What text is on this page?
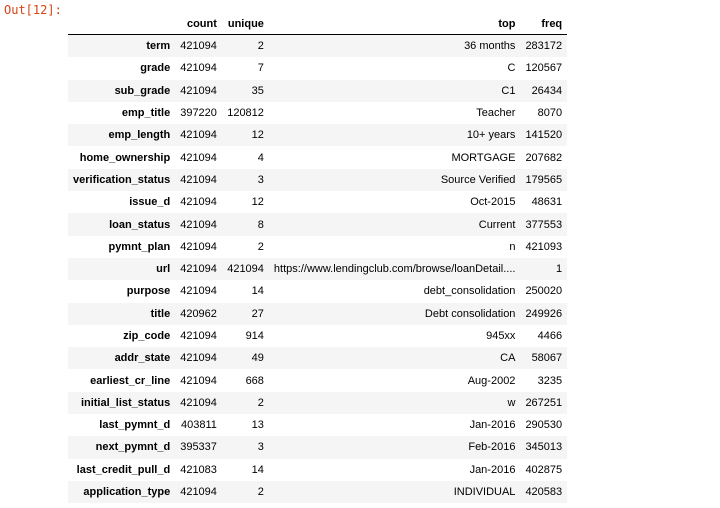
Out[12]:
	count	unique	top	freq
term	421094	2	36 months	283172
grade	421094	7	C	120567
sub_grade	421094	35	C1	26434
emp_title	397220	120812	Teacher	8070
emp_length	421094	12	10+ years	141520
home_ownership	421094	4	MORTGAGE	207682
verification_status	421094	3	Source Verified	179565
issue_d	421094	12	Oct-2015	48631
loan_status	421094	8	Current	377553
pymnt_plan	421094	2	n	421093
url	421094	421094	https://www.lendingclub.com/browse/loanDetail....	1
purpose	421094	14	debt_consolidation	250020
title	420962	27	Debt consolidation	249926
zip_code	421094	914	945xx	4466
addr_state	421094	49	CA	58067
earliest_cr_line	421094	668	Aug-2002	3235
initial_list_status	421094	2	w	267251
last_pymnt_d	403811	13	Jan-2016	290530
next_pymnt_d	395337	3	Feb-2016	345013
last_credit_pull_d	421083	14	Jan-2016	402875
application_type	421094	2	INDIVIDUAL	420583
